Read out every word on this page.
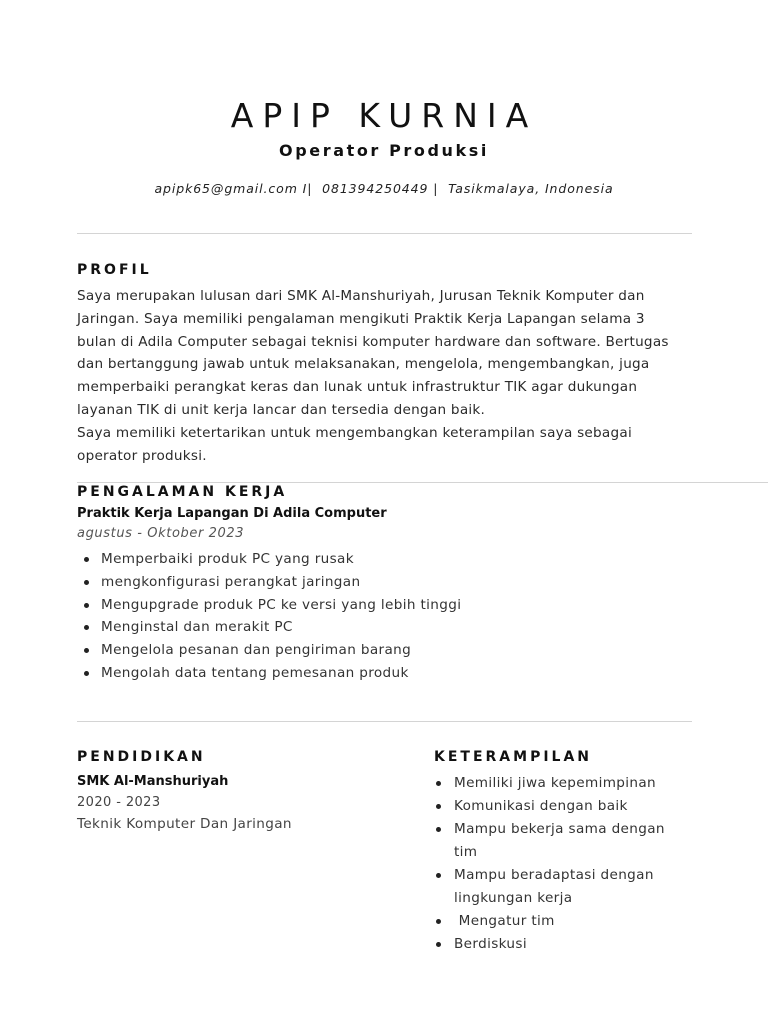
APIP KURNIA
Operator Produksi
apipk65@gmail.com I|  081394250449 |  Tasikmalaya, Indonesia
PROFIL
Saya merupakan lulusan dari SMK Al-Manshuriyah, Jurusan Teknik Komputer dan
Jaringan. Saya memiliki pengalaman mengikuti Praktik Kerja Lapangan selama 3
bulan di Adila Computer sebagai teknisi komputer hardware dan software. Bertugas
dan bertanggung jawab untuk melaksanakan, mengelola, mengembangkan, juga
memperbaiki perangkat keras dan lunak untuk infrastruktur TIK agar dukungan
layanan TIK di unit kerja lancar dan tersedia dengan baik.
Saya memiliki ketertarikan untuk mengembangkan keterampilan saya sebagai
operator produksi.
PENGALAMAN KERJA
Praktik Kerja Lapangan Di Adila Computer
agustus - Oktober 2023
Memperbaiki produk PC yang rusak
mengkonfigurasi perangkat jaringan
Mengupgrade produk PC ke versi yang lebih tinggi
Menginstal dan merakit PC
Mengelola pesanan dan pengiriman barang
Mengolah data tentang pemesanan produk
PENDIDIKAN
SMK Al-Manshuriyah
2020 - 2023
Teknik Komputer Dan Jaringan
KETERAMPILAN
Memiliki jiwa kepemimpinan
Komunikasi dengan baik
Mampu bekerja sama dengan
tim
Mampu beradaptasi dengan
lingkungan kerja
Mengatur tim
Berdiskusi
